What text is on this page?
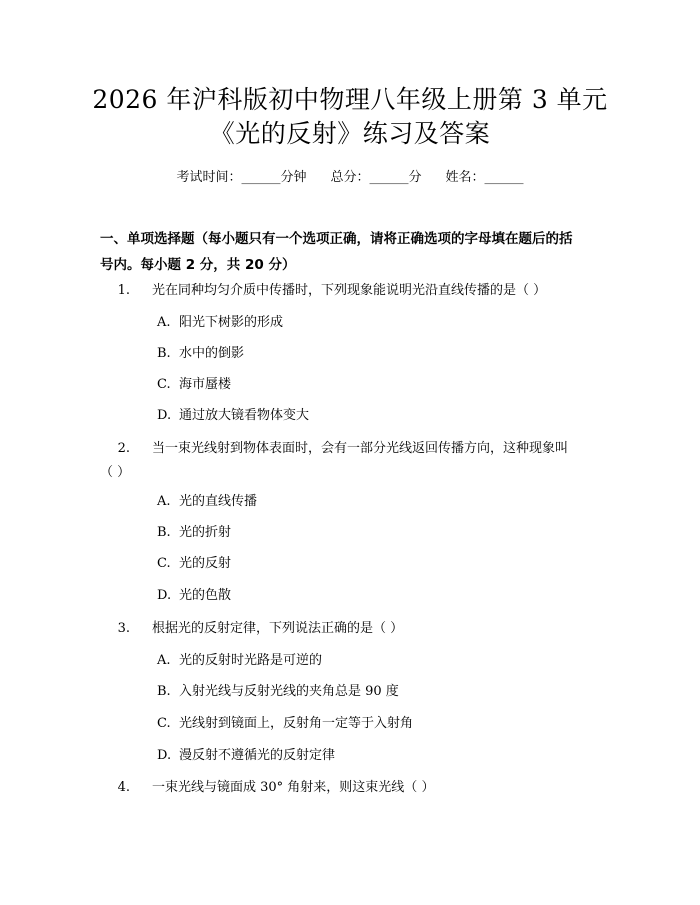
2026 年沪科版初中物理八年级上册第 3 单元
《光的反射》练习及答案
考试时间：______分钟 总分：______分 姓名：______
一、单项选择题（每小题只有一个选项正确，请将正确选项的字母填在题后的括
号内。每小题 2 分，共 20 分）
1. 光在同种均匀介质中传播时，下列现象能说明光沿直线传播的是（ ）
A. 阳光下树影的形成
B. 水中的倒影
C. 海市蜃楼
D. 通过放大镜看物体变大
2. 当一束光线射到物体表面时，会有一部分光线返回传播方向，这种现象叫
（ ）
A. 光的直线传播
B. 光的折射
C. 光的反射
D. 光的色散
3. 根据光的反射定律，下列说法正确的是（ ）
A. 光的反射时光路是可逆的
B. 入射光线与反射光线的夹角总是 90 度
C. 光线射到镜面上，反射角一定等于入射角
D. 漫反射不遵循光的反射定律
4. 一束光线与镜面成 30° 角射来，则这束光线（ ）
